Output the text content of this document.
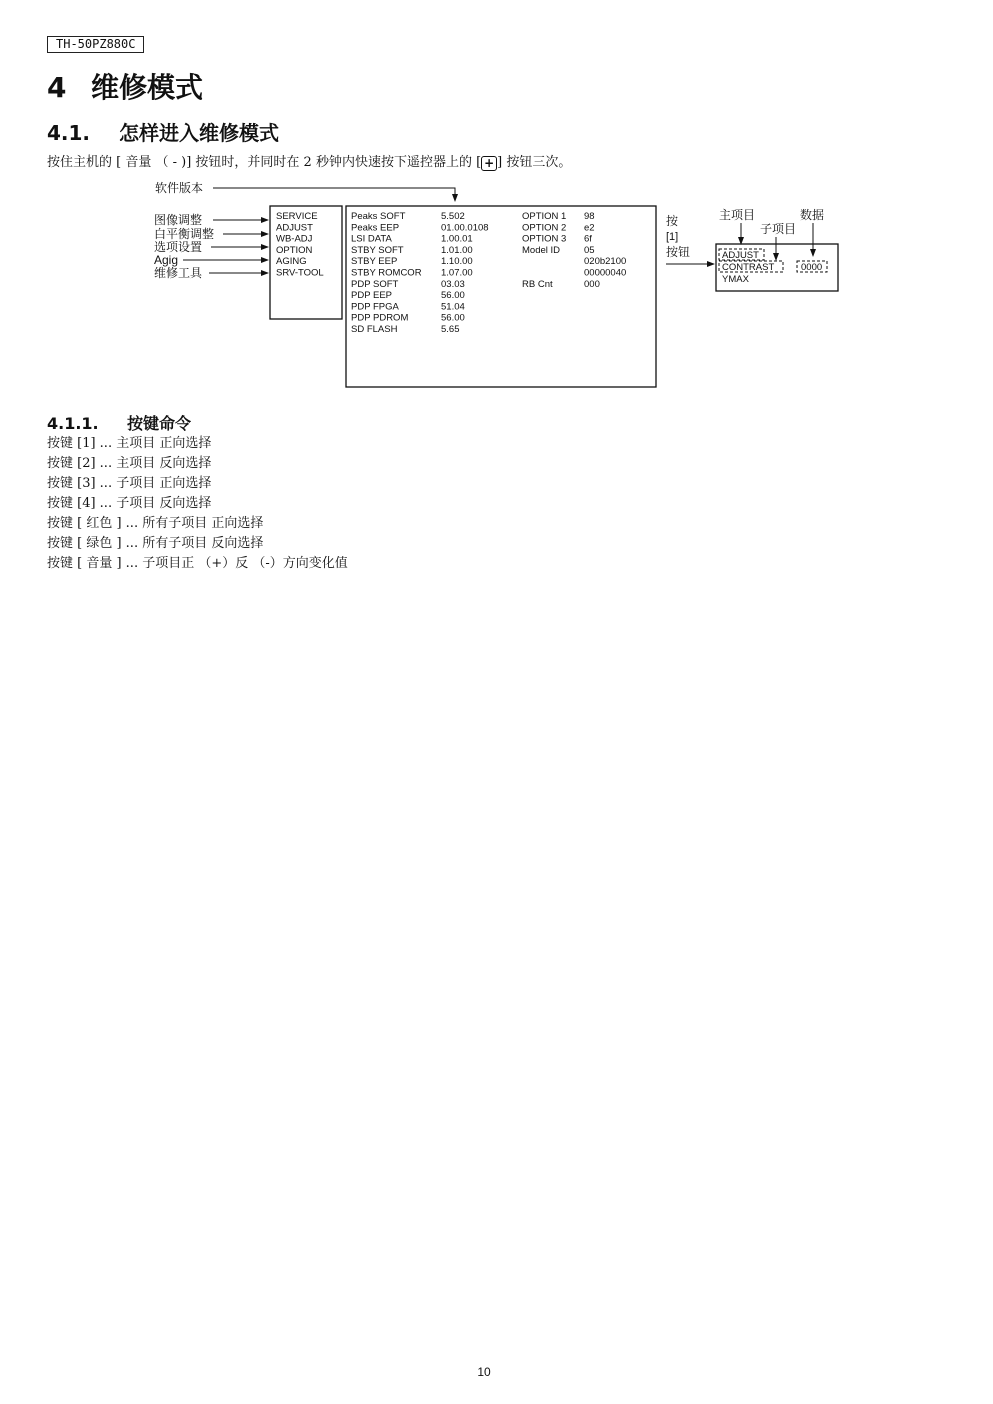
TH-50PZ880C
4 维修模式
4.1. 怎样进入维修模式
按住主机的 [ 音量 （ - )] 按钮时，并同时在 2 秒钟内快速按下遥控器上的 [ + ] 按钮三次。
软件版本
图像调整
白平衡调整
选项设置
Agig
维修工具
SERVICE
ADJUST
WB-ADJ
OPTION
AGING
SRV-TOOL
Peaks SOFT
Peaks EEP
LSI DATA
STBY SOFT
STBY EEP
STBY ROMCOR
PDP SOFT
PDP EEP
PDP FPGA
PDP PDROM
SD FLASH
5.502
01.00.0108
1.00.01
1.01.00
1.10.00
1.07.00
03.03
56.00
51.04
56.00
5.65
OPTION 1
OPTION 2
OPTION 3
Model ID
RB Cnt
98
e2
6f
05
020b2100
00000040
000
按
[1]
按钮
主项目
子项目
数据
ADJUST
CONTRAST	0000
YMAX
4.1.1. 按键命令
按键 [1] ... 主项目 正向选择
按键 [2] ... 主项目 反向选择
按键 [3] ... 子项目 正向选择
按键 [4] ... 子项目 反向选择
按键 [ 红色 ] ... 所有子项目 正向选择
按键 [ 绿色 ] ... 所有子项目 反向选择
按键 [ 音量 ] ... 子项目正 （+）反 （-）方向变化值
10
